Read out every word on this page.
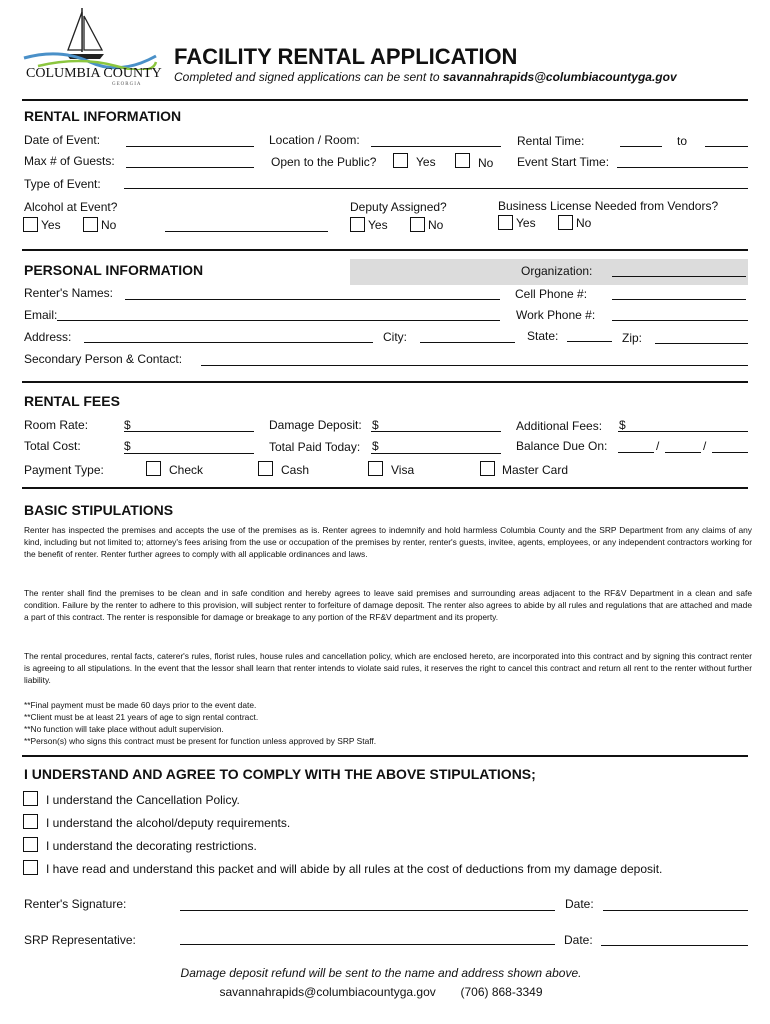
COLUMBIA COUNTY
GEORGIA
FACILITY RENTAL APPLICATION
Completed and signed applications can be sent to savannahrapids@columbiacountyga.gov
RENTAL INFORMATION
Date of Event:	Location / Room:	Rental Time:	to
Max # of Guests:	Open to the Public?	Yes	No Event Start Time:
Type of Event:
Alcohol at Event?
Yes	No
Deputy Assigned?
Yes	No
Business License Needed from Vendors?
Yes	No
PERSONAL INFORMATION	Organization:
Renter's Names:	Cell Phone #:
Email:	Work Phone #:
Address:	City:	State:	Zip:
Secondary Person & Contact:
RENTAL FEES
Room Rate:	$	Damage Deposit: $	Additional Fees: $
Total Cost:	$	Total Paid Today: $	Balance Due On:	/	/
Payment Type:	Check	Cash	Visa	Master Card
BASIC STIPULATIONS
Renter has inspected the premises and accepts the use of the premises as is. Renter agrees to indemnify and hold harmless Columbia County and the SRP Department from any claims of any kind, including but not limited to; attorney's fees arising from the use or occupation of the premises by renter, renter's guests, invitee, agents, employees, or any independent contractors working for the benefit of renter. Renter further agrees to comply with all applicable ordinances and laws.
The renter shall find the premises to be clean and in safe condition and hereby agrees to leave said premises and surrounding areas adjacent to the RF&V Department in a clean and safe condition. Failure by the renter to adhere to this provision, will subject renter to forfeiture of damage deposit. The renter also agrees to abide by all rules and regulations that are attached and made a part of this contract. The renter is responsible for damage or breakage to any portion of the RF&V department and its property.
The rental procedures, rental facts, caterer's rules, florist rules, house rules and cancellation policy, which are enclosed hereto, are incorporated into this contract and by signing this contract renter is agreeing to all stipulations. In the event that the lessor shall learn that renter intends to violate said rules, it reserves the right to cancel this contract and return all rent to the renter without further liability.
**Final payment must be made 60 days prior to the event date.
**Client must be at least 21 years of age to sign rental contract.
**No function will take place without adult supervision.
**Person(s) who signs this contract must be present for function unless approved by SRP Staff.
I UNDERSTAND AND AGREE TO COMPLY WITH THE ABOVE STIPULATIONS;
I understand the Cancellation Policy.
I understand the alcohol/deputy requirements.
I understand the decorating restrictions.
I have read and understand this packet and will abide by all rules at the cost of deductions from my damage deposit.
Renter's Signature:	Date:
SRP Representative:	Date:
Damage deposit refund will be sent to the name and address shown above.
savannahrapids@columbiacountyga.gov (706) 868-3349
